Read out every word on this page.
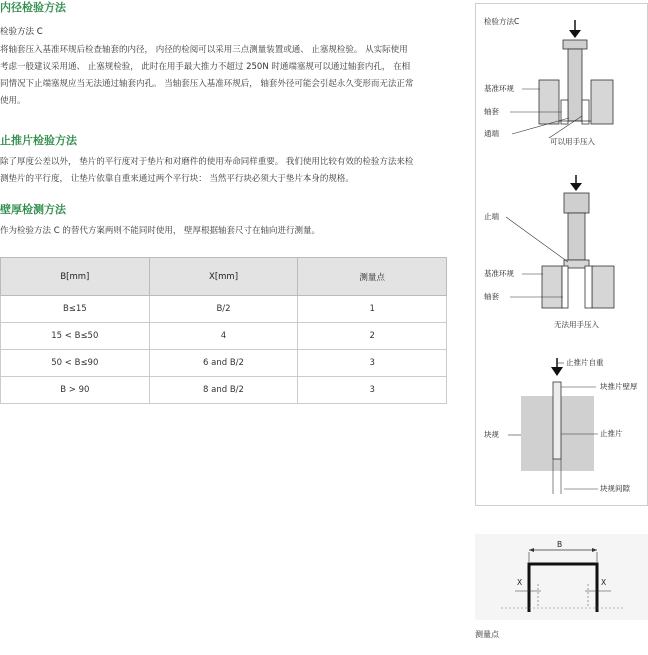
内径检验方法
检验方法 C
将轴套压入基准环规后检查轴套的内径， 内径的检阅可以采用三点测量装置或通、 止塞规检验。 从实际使用
考虑一般建议采用通、 止塞规检验， 此时在用手最大推力不超过 250N 时通端塞规可以通过轴套内孔， 在相
同情况下止端塞规应当无法通过轴套内孔。 当轴套压入基准环规后， 轴套外径可能会引起永久变形而无法正常
使用。
止推片检验方法
除了厚度公差以外， 垫片的平行度对于垫片和对磨件的使用寿命同样重要。 我们使用比较有效的检验方法来检
测垫片的平行度， 让垫片依靠自重来通过两个平行块： 当然平行块必须大于垫片本身的规格。
壁厚检测方法
作为检验方法 C 的替代方案两则不能同时使用， 壁厚根据轴套尺寸在轴向进行测量。
B[mm]	X[mm]	测量点
B≤15	B/2	1
15 < B≤50	4	2
50 < B≤90	6 and B/2	3
B > 90	8 and B/2	3
检验方法C
基准环规
轴套
通端
可以用手压入
止端
基准环规
轴套
无法用手压入
止推片自重
块推片壁厚
块规	止推片
块规间隙
B
X	X
测量点
